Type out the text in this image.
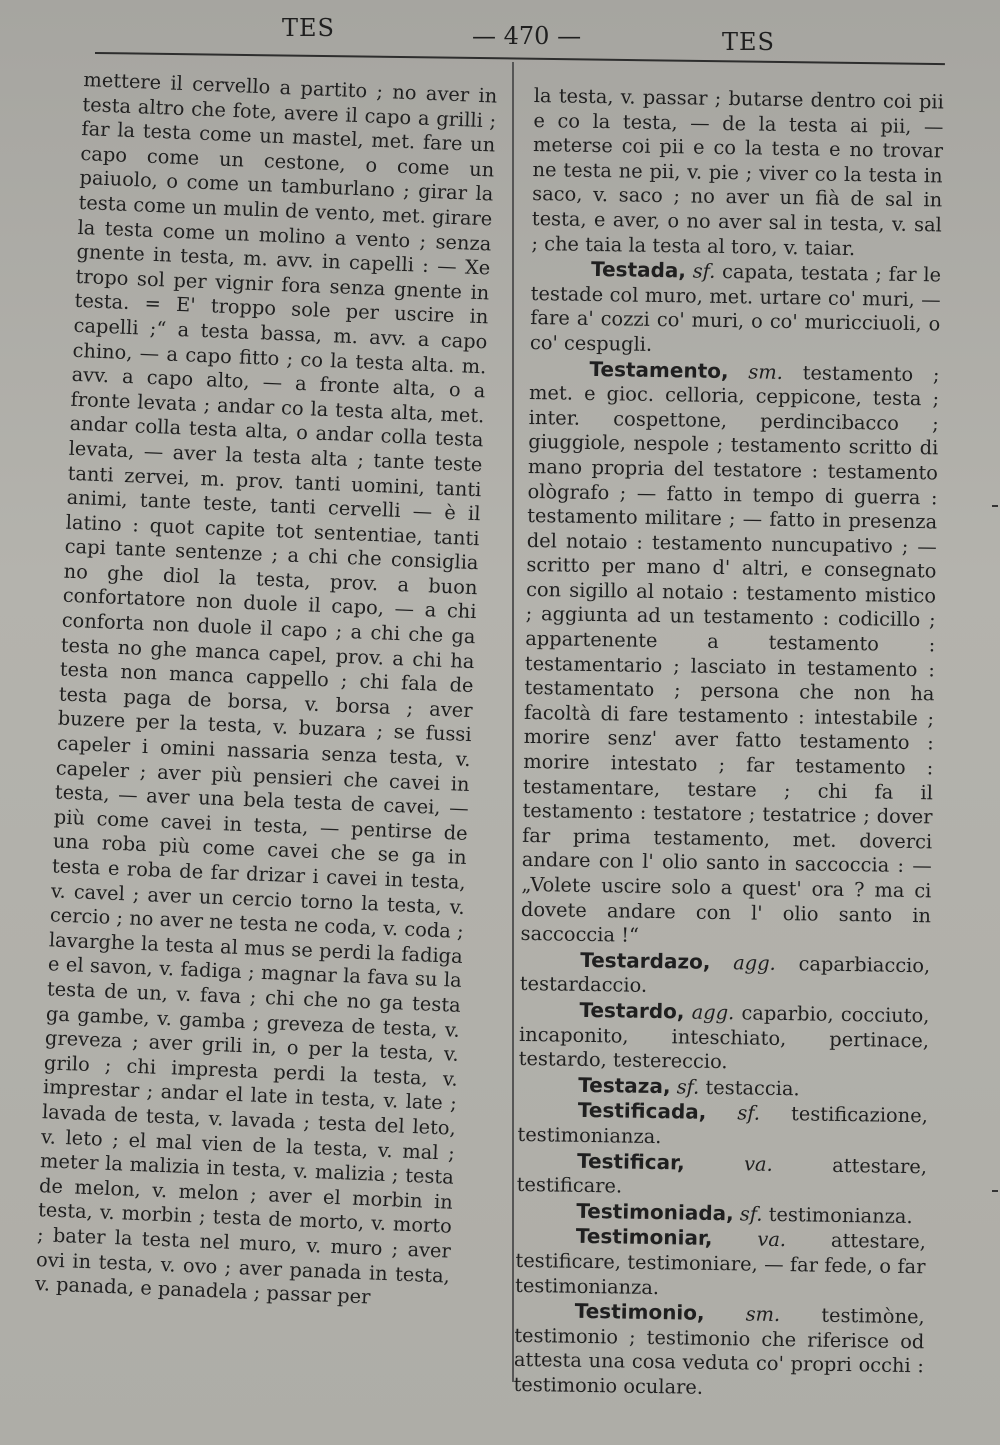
TES	— 470 —	TES

mettere il cervello a partito ; no aver in testa altro che fote, avere il capo a grilli ; far la testa come un mastel, met. fare un capo come un cestone, o come un paiuolo, o come un tamburlano ; girar la testa come un mulin de vento, met. girare la testa come un molino a vento ; senza gnente in testa, m. avv. in capelli : — Xe tropo sol per vignir fora senza gnente in testa. = E' troppo sole per uscire in capelli ;“ a testa bassa, m. avv. a capo chino, — a capo fitto ; co la testa alta. m. avv. a capo alto, — a fronte alta, o a fronte levata ; andar co la testa alta, met. andar colla testa alta, o andar colla testa levata, — aver la testa alta ; tante teste tanti zervei, m. prov. tanti uomini, tanti animi, tante teste, tanti cervelli — è il latino : quot capite tot sententiae, tanti capi tante sentenze ; a chi che consiglia no ghe diol la testa, prov. a buon confortatore non duole il capo, — a chi conforta non duole il capo ; a chi che ga testa no ghe manca capel, prov. a chi ha testa non manca cappello ; chi fala de testa paga de borsa, v. borsa ; aver buzere per la testa, v. buzara ; se fussi capeler i omini nassaria senza testa, v. capeler ; aver più pensieri che cavei in testa, — aver una bela testa de cavei, — più come cavei in testa, — pentirse de una roba più come cavei che se ga in testa e roba de far drizar i cavei in testa, v. cavel ; aver un cercio torno la testa, v. cercio ; no aver ne testa ne coda, v. coda ; lavarghe la testa al mus se perdi la fadiga e el savon, v. fadiga ; magnar la fava su la testa de un, v. fava ; chi che no ga testa ga gambe, v. gamba ; greveza de testa, v. greveza ; aver grili in, o per la testa, v. grilo ; chi impresta perdi la testa, v. imprestar ; andar el late in testa, v. late ; lavada de testa, v. lavada ; testa del leto, v. leto ; el mal vien de la testa, v. mal ; meter la malizia in testa, v. malizia ; testa de melon, v. melon ; aver el morbin in testa, v. morbin ; testa de morto, v. morto ; bater la testa nel muro, v. muro ; aver ovi in testa, v. ovo ; aver panada in testa, v. panada, e panadela ; passar per

la testa, v. passar ; butarse dentro coi pii e co la testa, — de la testa ai pii, — meterse coi pii e co la testa e no trovar ne testa ne pii, v. pie ; viver co la testa in saco, v. saco ; no aver un fià de sal in testa, e aver, o no aver sal in testa, v. sal ; che taia la testa al toro, v. taiar.

Testada, sf. capata, testata ; far le testade col muro, met. urtare co' muri, — fare a' cozzi co' muri, o co' muricciuoli, o co' cespugli.

Testamento, sm. testamento ; met. e gioc. celloria, ceppicone, testa ; inter. cospettone, perdincibacco ; giuggiole, nespole ; testamento scritto di mano propria del testatore : testamento ològrafo ; — fatto in tempo di guerra : testamento militare ; — fatto in presenza del notaio : testamento nuncupativo ; — scritto per mano d' altri, e consegnato con sigillo al notaio : testamento mistico ; aggiunta ad un testamento : codicillo ; appartenente a testamento : testamentario ; lasciato in testamento : testamentato ; persona che non ha facoltà di fare testamento : intestabile ; morire senz' aver fatto testamento : morire intestato ; far testamento : testamentare, testare ; chi fa il testamento : testatore ; testatrice ; dover far prima testamento, met. doverci andare con l' olio santo in saccoccia : — „Volete uscire solo a quest' ora ? ma ci dovete andare con l' olio santo in saccoccia !“

Testardazo, agg. caparbiaccio, testardaccio.

Testardo, agg. caparbio, cocciuto, incaponito, inteschiato, pertinace, testardo, testereccio.

Testaza, sf. testaccia.

Testificada, sf. testificazione, testimonianza.

Testificar,	va.	attestare, testificare.

Testimoniada, sf. testimonianza.

Testimoniar, va. attestare, testificare, testimoniare, — far fede, o far testimonianza.

Testimonio, sm. testimòne, testimonio ; testimonio che riferisce od attesta una cosa veduta co' propri occhi : testimonio oculare.
